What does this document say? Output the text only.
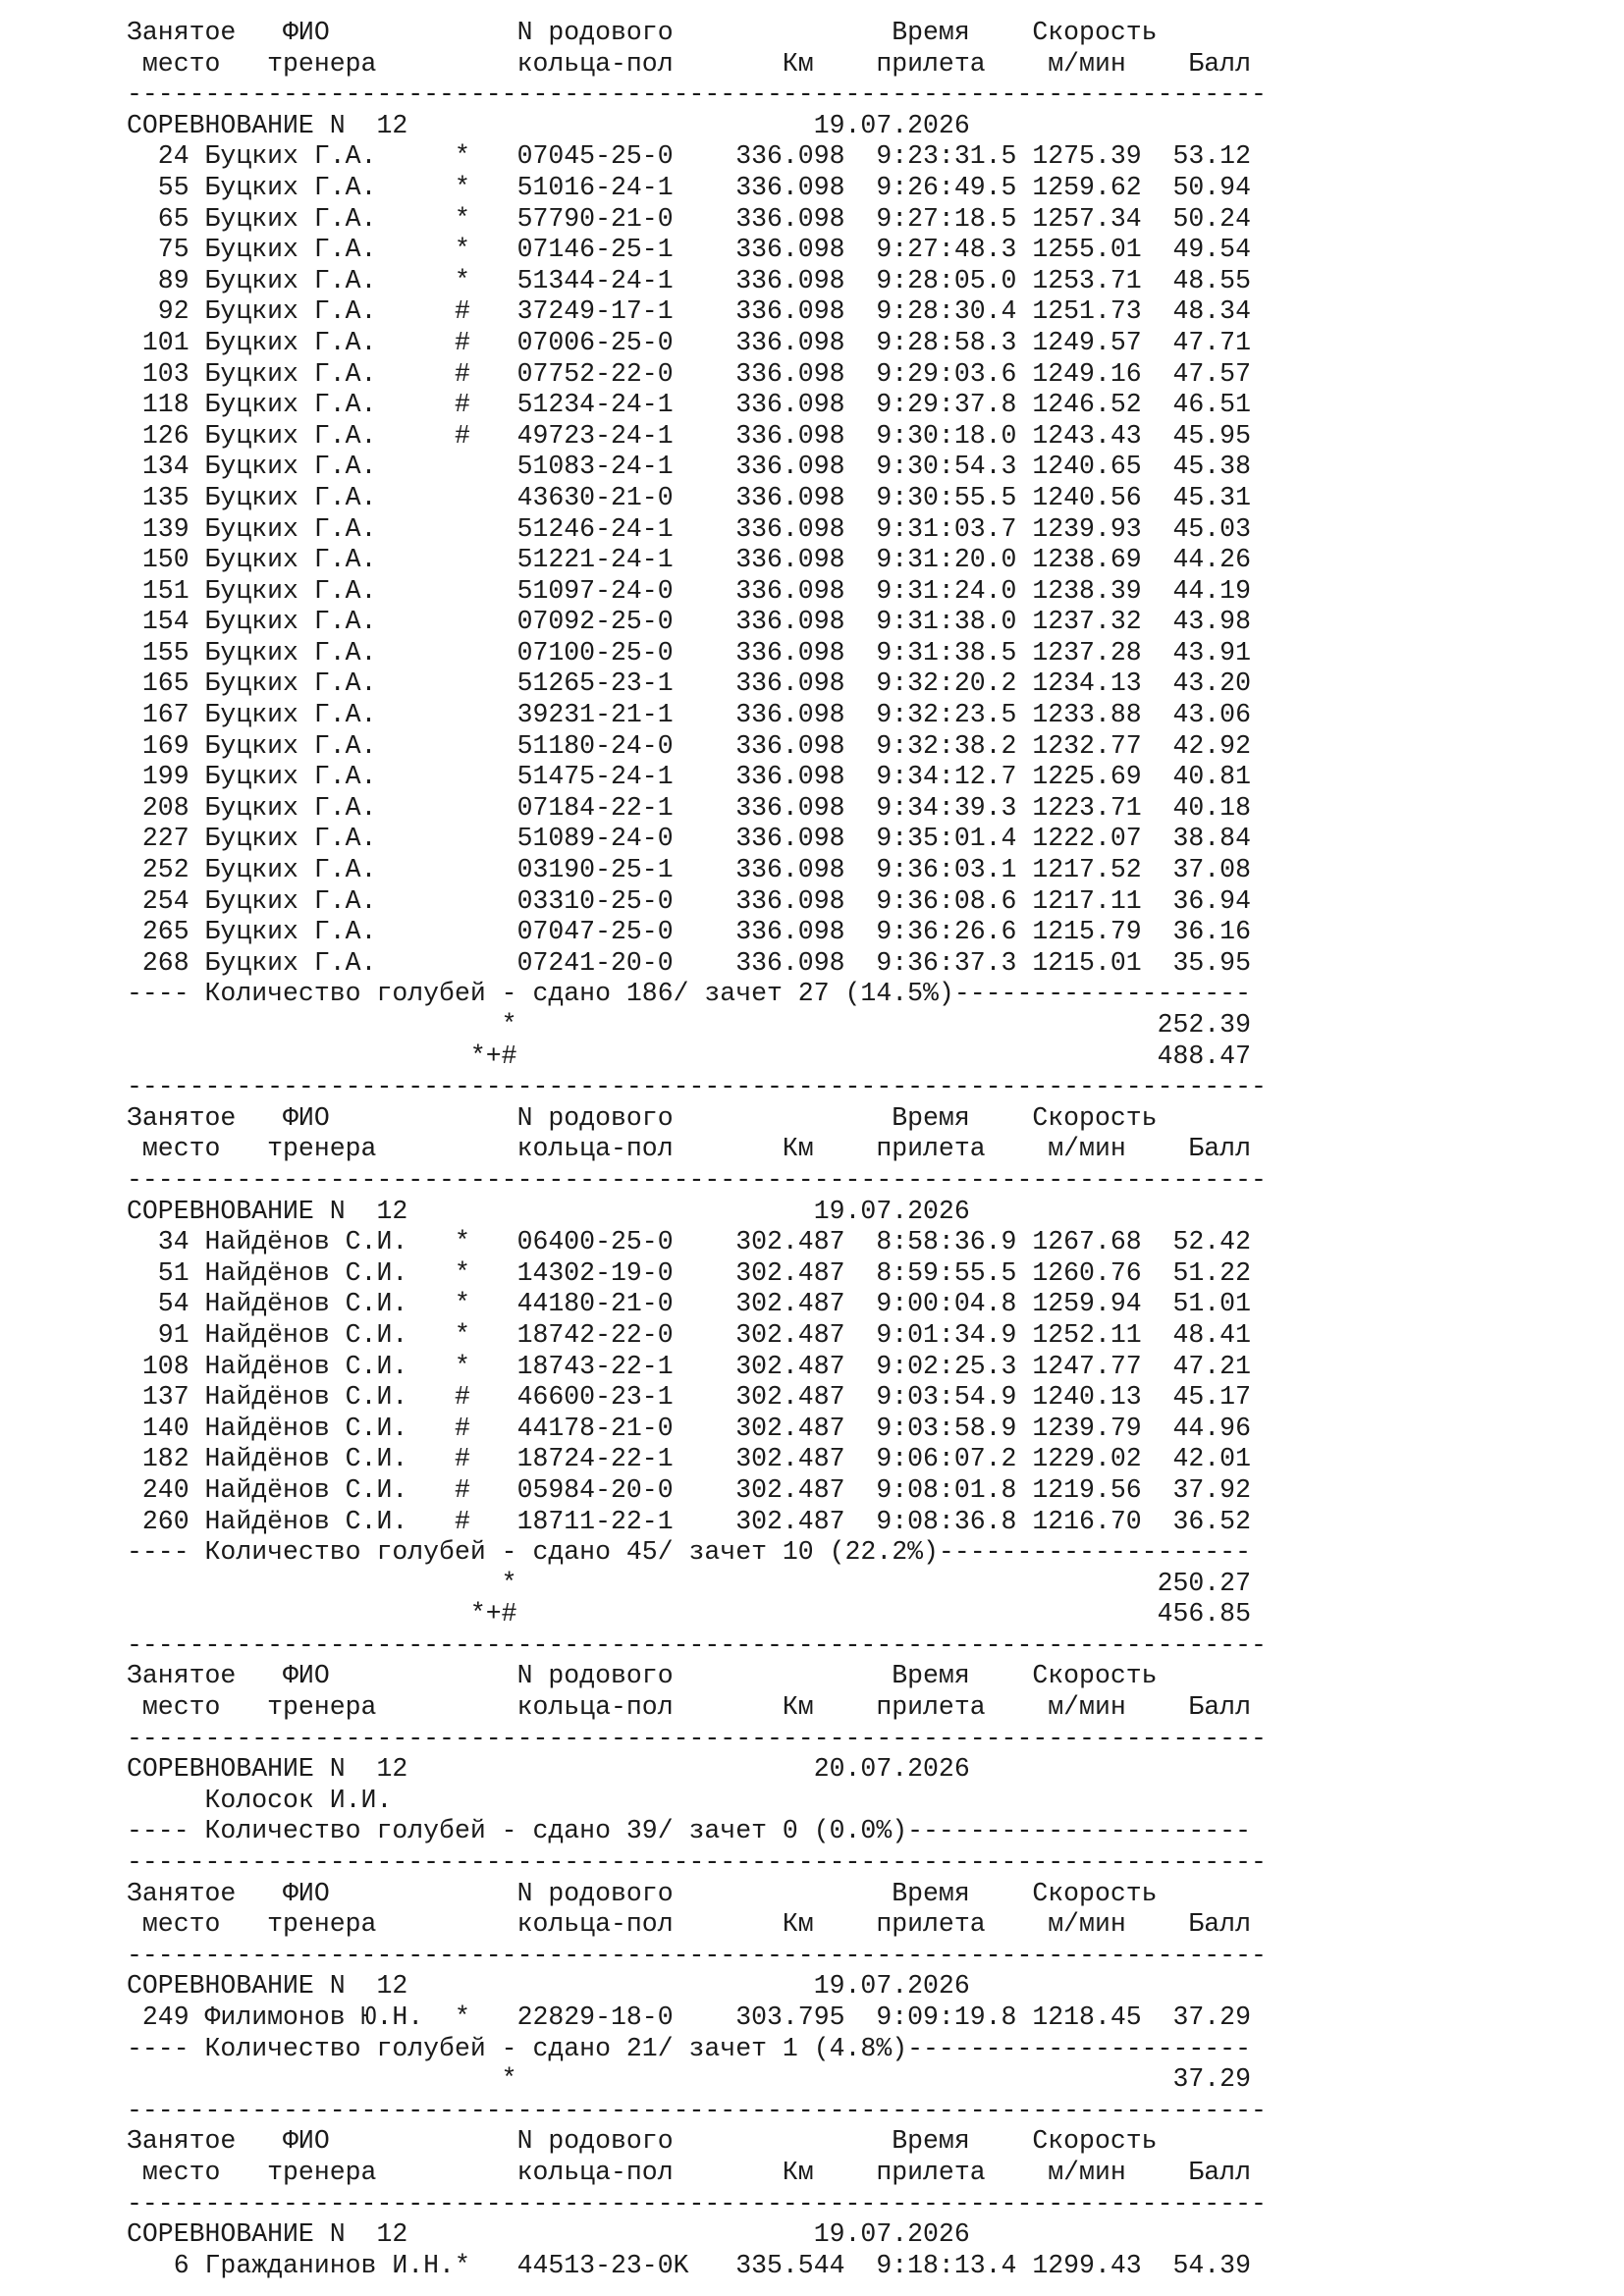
Занятое   ФИО            N родового              Время    Скорость
место   тренера         кольца-пол       Км    прилета    м/мин    Балл
-------------------------------------------------------------------------
СОРЕВНОВАНИЕ N  12                          19.07.2026
24 Буцких Г.А.     *   07045-25-0    336.098  9:23:31.5 1275.39  53.12
55 Буцких Г.А.     *   51016-24-1    336.098  9:26:49.5 1259.62  50.94
65 Буцких Г.А.     *   57790-21-0    336.098  9:27:18.5 1257.34  50.24
75 Буцких Г.А.     *   07146-25-1    336.098  9:27:48.3 1255.01  49.54
89 Буцких Г.А.     *   51344-24-1    336.098  9:28:05.0 1253.71  48.55
92 Буцких Г.А.     #   37249-17-1    336.098  9:28:30.4 1251.73  48.34
101 Буцких Г.А.     #   07006-25-0    336.098  9:28:58.3 1249.57  47.71
103 Буцких Г.А.     #   07752-22-0    336.098  9:29:03.6 1249.16  47.57
118 Буцких Г.А.     #   51234-24-1    336.098  9:29:37.8 1246.52  46.51
126 Буцких Г.А.     #   49723-24-1    336.098  9:30:18.0 1243.43  45.95
134 Буцких Г.А.         51083-24-1    336.098  9:30:54.3 1240.65  45.38
135 Буцких Г.А.         43630-21-0    336.098  9:30:55.5 1240.56  45.31
139 Буцких Г.А.         51246-24-1    336.098  9:31:03.7 1239.93  45.03
150 Буцких Г.А.         51221-24-1    336.098  9:31:20.0 1238.69  44.26
151 Буцких Г.А.         51097-24-0    336.098  9:31:24.0 1238.39  44.19
154 Буцких Г.А.         07092-25-0    336.098  9:31:38.0 1237.32  43.98
155 Буцких Г.А.         07100-25-0    336.098  9:31:38.5 1237.28  43.91
165 Буцких Г.А.         51265-23-1    336.098  9:32:20.2 1234.13  43.20
167 Буцких Г.А.         39231-21-1    336.098  9:32:23.5 1233.88  43.06
169 Буцких Г.А.         51180-24-0    336.098  9:32:38.2 1232.77  42.92
199 Буцких Г.А.         51475-24-1    336.098  9:34:12.7 1225.69  40.81
208 Буцких Г.А.         07184-22-1    336.098  9:34:39.3 1223.71  40.18
227 Буцких Г.А.         51089-24-0    336.098  9:35:01.4 1222.07  38.84
252 Буцких Г.А.         03190-25-1    336.098  9:36:03.1 1217.52  37.08
254 Буцких Г.А.         03310-25-0    336.098  9:36:08.6 1217.11  36.94
265 Буцких Г.А.         07047-25-0    336.098  9:36:26.6 1215.79  36.16
268 Буцких Г.А.         07241-20-0    336.098  9:36:37.3 1215.01  35.95
---- Количество голубей - сдано 186/ зачет 27 (14.5%)-------------------
*                                         252.39
*+#                                         488.47
-------------------------------------------------------------------------
Занятое   ФИО            N родового              Время    Скорость
место   тренера         кольца-пол       Км    прилета    м/мин    Балл
-------------------------------------------------------------------------
СОРЕВНОВАНИЕ N  12                          19.07.2026
34 Найдёнов С.И.   *   06400-25-0    302.487  8:58:36.9 1267.68  52.42
51 Найдёнов С.И.   *   14302-19-0    302.487  8:59:55.5 1260.76  51.22
54 Найдёнов С.И.   *   44180-21-0    302.487  9:00:04.8 1259.94  51.01
91 Найдёнов С.И.   *   18742-22-0    302.487  9:01:34.9 1252.11  48.41
108 Найдёнов С.И.   *   18743-22-1    302.487  9:02:25.3 1247.77  47.21
137 Найдёнов С.И.   #   46600-23-1    302.487  9:03:54.9 1240.13  45.17
140 Найдёнов С.И.   #   44178-21-0    302.487  9:03:58.9 1239.79  44.96
182 Найдёнов С.И.   #   18724-22-1    302.487  9:06:07.2 1229.02  42.01
240 Найдёнов С.И.   #   05984-20-0    302.487  9:08:01.8 1219.56  37.92
260 Найдёнов С.И.   #   18711-22-1    302.487  9:08:36.8 1216.70  36.52
---- Количество голубей - сдано 45/ зачет 10 (22.2%)--------------------
*                                         250.27
*+#                                         456.85
-------------------------------------------------------------------------
Занятое   ФИО            N родового              Время    Скорость
место   тренера         кольца-пол       Км    прилета    м/мин    Балл
-------------------------------------------------------------------------
СОРЕВНОВАНИЕ N  12                          20.07.2026
Колосок И.И.
---- Количество голубей - сдано 39/ зачет 0 (0.0%)----------------------
-------------------------------------------------------------------------
Занятое   ФИО            N родового              Время    Скорость
место   тренера         кольца-пол       Км    прилета    м/мин    Балл
-------------------------------------------------------------------------
СОРЕВНОВАНИЕ N  12                          19.07.2026
249 Филимонов Ю.Н.  *   22829-18-0    303.795  9:09:19.8 1218.45  37.29
---- Количество голубей - сдано 21/ зачет 1 (4.8%)----------------------
*                                          37.29
-------------------------------------------------------------------------
Занятое   ФИО            N родового              Время    Скорость
место   тренера         кольца-пол       Км    прилета    м/мин    Балл
-------------------------------------------------------------------------
СОРЕВНОВАНИЕ N  12                          19.07.2026
6 Гражданинов И.Н.*   44513-23-0K   335.544  9:18:13.4 1299.43  54.39
